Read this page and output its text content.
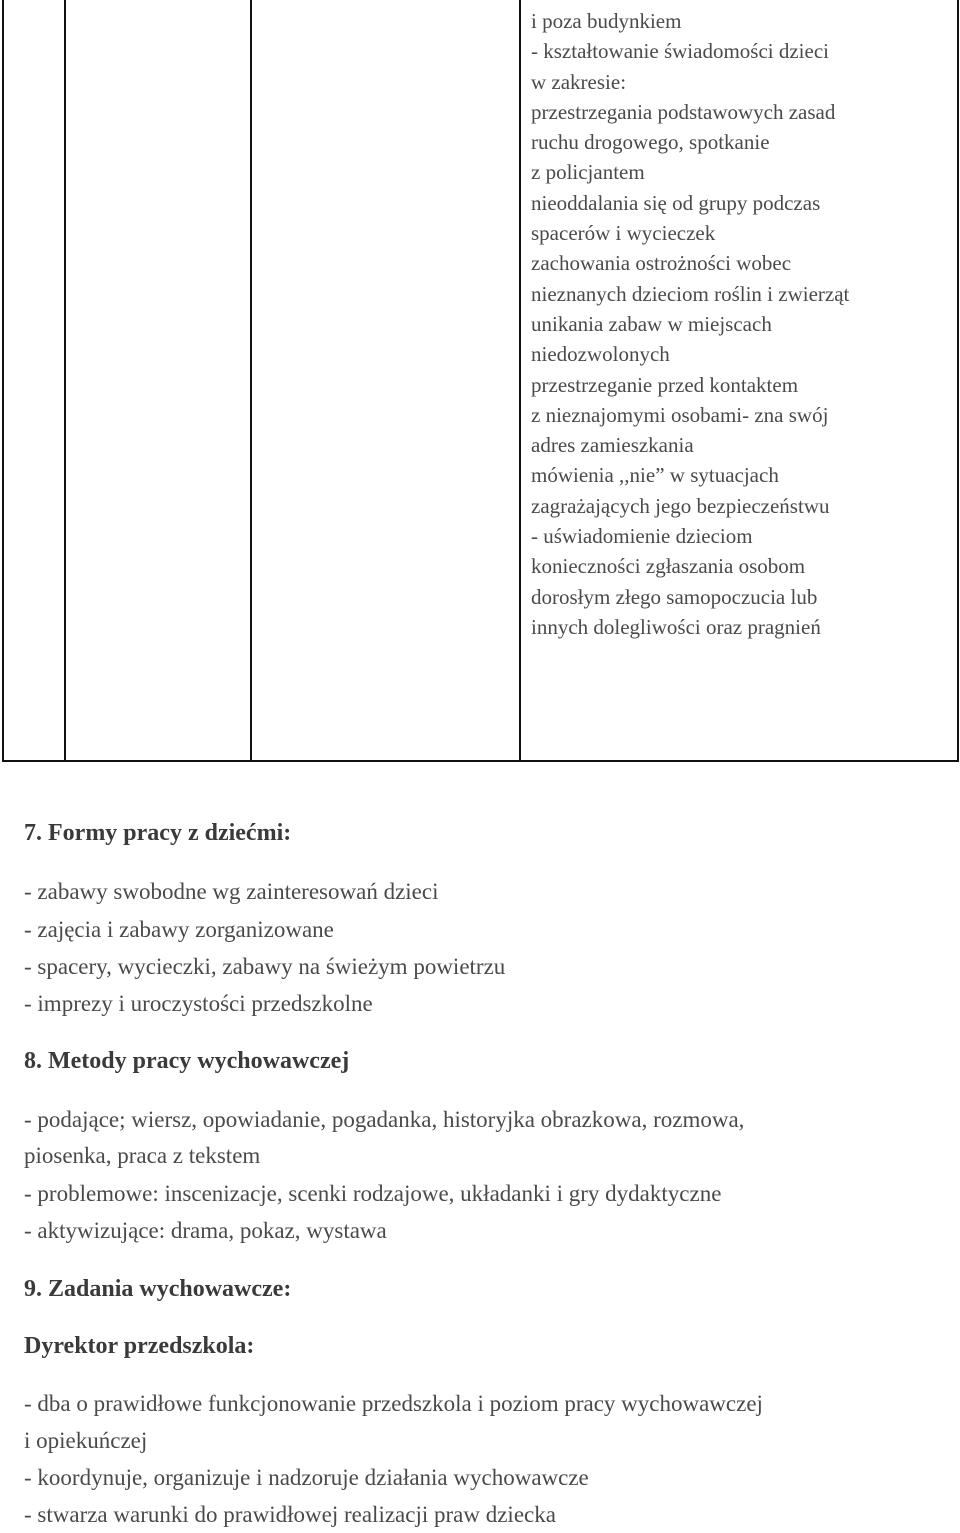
i poza budynkiem
- kształtowanie świadomości dzieci
w zakresie:
przestrzegania podstawowych zasad
ruchu drogowego, spotkanie
z policjantem
nieoddalania się od grupy podczas
spacerów i wycieczek
zachowania ostrożności wobec
nieznanych dzieciom roślin i zwierząt
unikania zabaw w miejscach
niedozwolonych
przestrzeganie przed kontaktem
z nieznajomymi osobami- zna swój
adres zamieszkania
mówienia ,,nie” w sytuacjach
zagrażających jego bezpieczeństwu
- uświadomienie dzieciom
konieczności zgłaszania osobom
dorosłym złego samopoczucia lub
innych dolegliwości oraz pragnień
7. Formy pracy z dziećmi:
- zabawy swobodne wg zainteresowań dzieci
- zajęcia i zabawy zorganizowane
- spacery, wycieczki, zabawy na świeżym powietrzu
- imprezy i uroczystości przedszkolne
8. Metody pracy wychowawczej
- podające; wiersz, opowiadanie, pogadanka, historyjka obrazkowa, rozmowa,
piosenka, praca z tekstem
- problemowe: inscenizacje, scenki rodzajowe, układanki i gry dydaktyczne
- aktywizujące: drama, pokaz, wystawa
9. Zadania wychowawcze:
Dyrektor przedszkola:
- dba o prawidłowe funkcjonowanie przedszkola i poziom pracy wychowawczej
i opiekuńczej
- koordynuje, organizuje i nadzoruje działania wychowawcze
- stwarza warunki do prawidłowej realizacji praw dziecka
